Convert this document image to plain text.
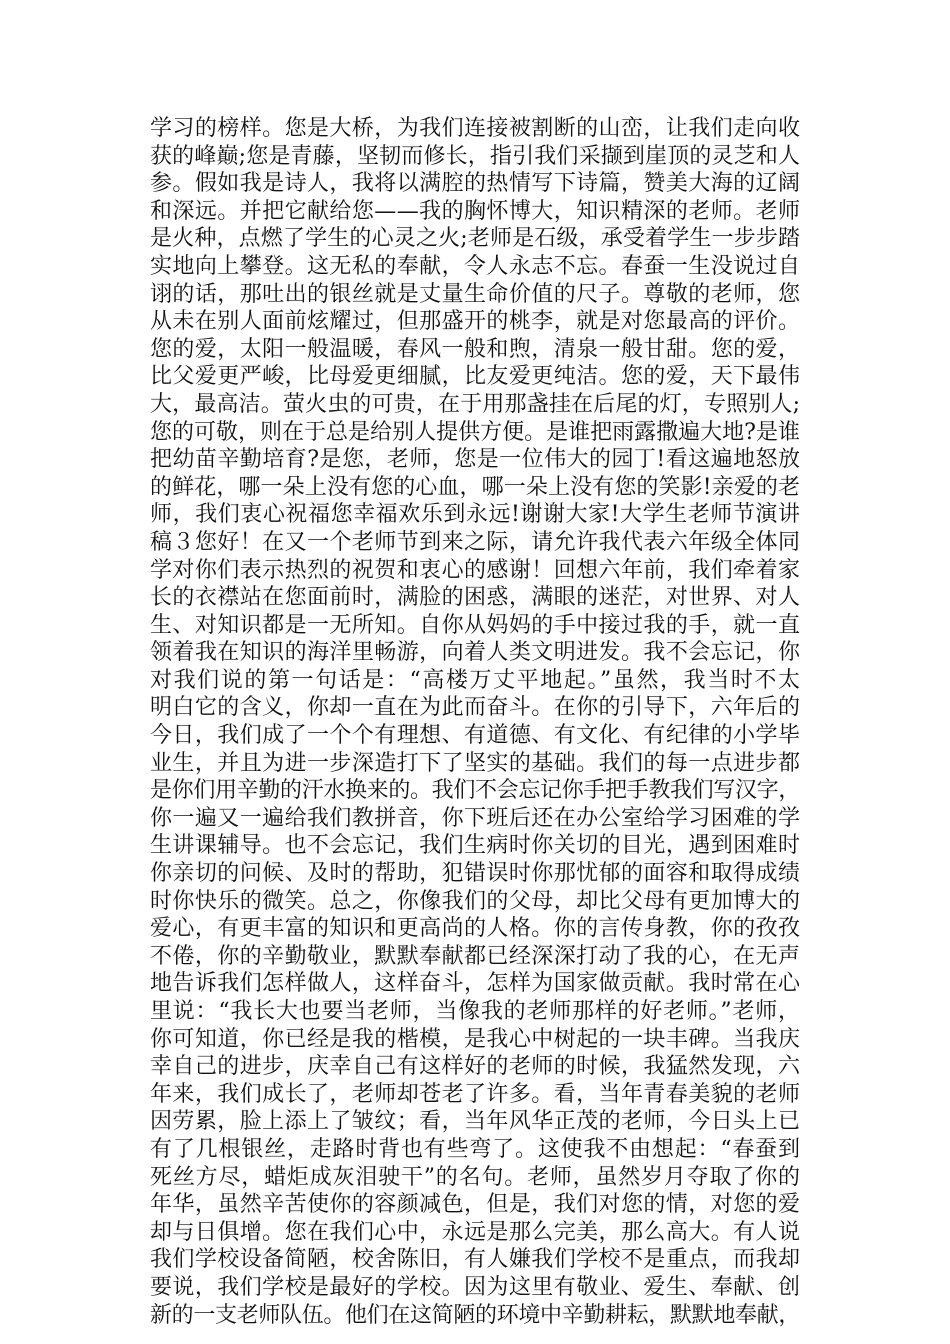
学习的榜样。您是大桥，为我们连接被割断的山峦，让我们走向收
获的峰巅;您是青藤，坚韧而修长，指引我们采撷到崖顶的灵芝和人
参。假如我是诗人，我将以满腔的热情写下诗篇，赞美大海的辽阔
和深远。并把它献给您——我的胸怀博大，知识精深的老师。老师
是火种，点燃了学生的心灵之火;老师是石级，承受着学生一步步踏
实地向上攀登。这无私的奉献，令人永志不忘。春蚕一生没说过自
诩的话，那吐出的银丝就是丈量生命价值的尺子。尊敬的老师，您
从未在别人面前炫耀过，但那盛开的桃李，就是对您最高的评价。
您的爱，太阳一般温暖，春风一般和煦，清泉一般甘甜。您的爱，
比父爱更严峻，比母爱更细腻，比友爱更纯洁。您的爱，天下最伟
大，最高洁。萤火虫的可贵，在于用那盏挂在后尾的灯，专照别人;
您的可敬，则在于总是给别人提供方便。是谁把雨露撒遍大地?是谁
把幼苗辛勤培育?是您，老师，您是一位伟大的园丁!看这遍地怒放
的鲜花，哪一朵上没有您的心血，哪一朵上没有您的笑影!亲爱的老
师，我们衷心祝福您幸福欢乐到永远!谢谢大家!大学生老师节演讲
稿３您好！在又一个老师节到来之际，请允许我代表六年级全体同
学对你们表示热烈的祝贺和衷心的感谢！回想六年前，我们牵着家
长的衣襟站在您面前时，满脸的困惑，满眼的迷茫，对世界、对人
生、对知识都是一无所知。自你从妈妈的手中接过我的手，就一直
领着我在知识的海洋里畅游，向着人类文明进发。我不会忘记，你
对我们说的第一句话是：“高楼万丈平地起。”虽然，我当时不太
明白它的含义，你却一直在为此而奋斗。在你的引导下，六年后的
今日，我们成了一个个有理想、有道德、有文化、有纪律的小学毕
业生，并且为进一步深造打下了坚实的基础。我们的每一点进步都
是你们用辛勤的汗水换来的。我们不会忘记你手把手教我们写汉字，
你一遍又一遍给我们教拼音，你下班后还在办公室给学习困难的学
生讲课辅导。也不会忘记，我们生病时你关切的目光，遇到困难时
你亲切的问候、及时的帮助，犯错误时你那忧郁的面容和取得成绩
时你快乐的微笑。总之，你像我们的父母，却比父母有更加博大的
爱心，有更丰富的知识和更高尚的人格。你的言传身教，你的孜孜
不倦，你的辛勤敬业，默默奉献都已经深深打动了我的心，在无声
地告诉我们怎样做人，这样奋斗，怎样为国家做贡献。我时常在心
里说：“我长大也要当老师，当像我的老师那样的好老师。”老师，
你可知道，你已经是我的楷模，是我心中树起的一块丰碑。当我庆
幸自己的进步，庆幸自己有这样好的老师的时候，我猛然发现，六
年来，我们成长了，老师却苍老了许多。看，当年青春美貌的老师
因劳累，脸上添上了皱纹；看，当年风华正茂的老师，今日头上已
有了几根银丝，走路时背也有些弯了。这使我不由想起：“春蚕到
死丝方尽，蜡炬成灰泪驶干”的名句。老师，虽然岁月夺取了你的
年华，虽然辛苦使你的容颜减色，但是，我们对您的情，对您的爱
却与日俱增。您在我们心中，永远是那么完美，那么高大。有人说
我们学校设备简陋，校舍陈旧，有人嫌我们学校不是重点，而我却
要说，我们学校是最好的学校。因为这里有敬业、爱生、奉献、创
新的一支老师队伍。他们在这简陋的环境中辛勤耕耘，默默地奉献，
